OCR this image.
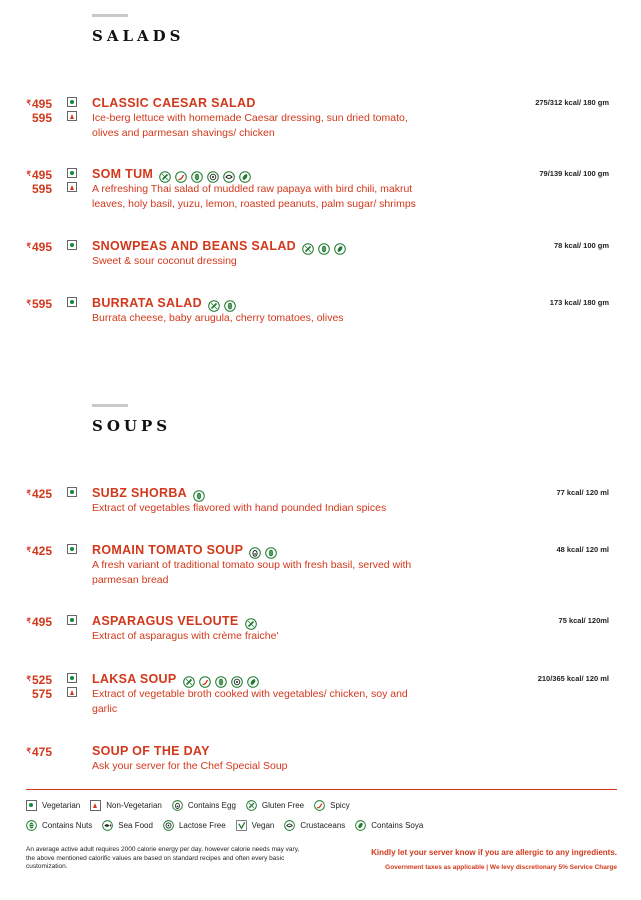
SALADS
SOUPS
₹495
595
CLASSIC CAESAR SALAD
Ice-berg lettuce with homemade Caesar dressing, sun dried tomato, olives and parmesan shavings/ chicken
275/312 kcal/ 180 gm
₹495
595
SOM TUM
A refreshing Thai salad of muddled raw papaya with bird chili, makrut leaves, holy basil, yuzu, lemon, roasted peanuts, palm sugar/ shrimps
79/139 kcal/ 100 gm
₹495	SNOWPEAS AND BEANS SALAD
Sweet & sour coconut dressing
78 kcal/ 100 gm
₹595	BURRATA SALAD
Burrata cheese, baby arugula, cherry tomatoes, olives
173 kcal/ 180 gm
₹425	SUBZ SHORBA
Extract of vegetables flavored with hand pounded Indian spices
77 kcal/ 120 ml
₹425	ROMAIN TOMATO SOUP
A fresh variant of traditional tomato soup with fresh basil, served with parmesan bread
48 kcal/ 120 ml
₹495	ASPARAGUS VELOUTE
Extract of asparagus with crème fraiche'
75 kcal/ 120ml
₹525
575
LAKSA SOUP
Extract of vegetable broth cooked with vegetables/ chicken, soy and garlic
210/365 kcal/ 120 ml
₹475	SOUP OF THE DAY
Ask your server for the Chef Special Soup
Vegetarian	Non-Vegetarian	Contains Egg	Gluten Free	Spicy
Contains Nuts	Sea Food	Lactose Free	Vegan	Crustaceans	Contains Soya
An average active adult requires 2000 calorie energy per day, however calorie needs may vary, the above mentioned calorific values are based on standard recipes and often every basic customization.
Kindly let your server know if you are allergic to any ingredients.
Government taxes as applicable | We levy discretionary 5% Service Charge
